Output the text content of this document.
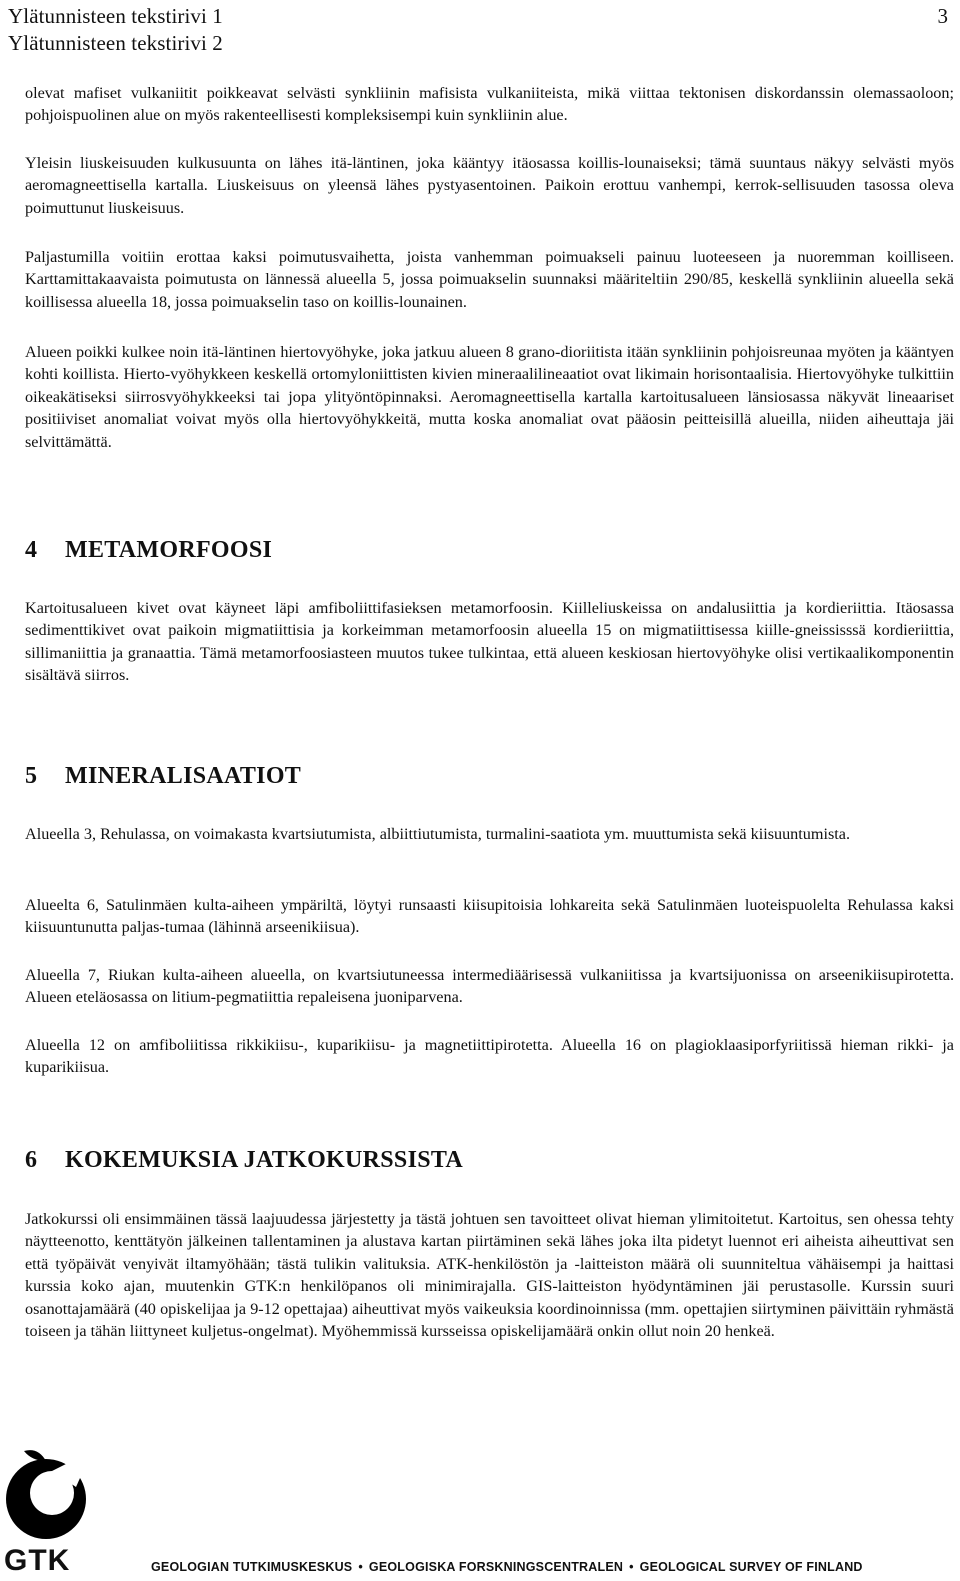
Ylätunnisteen tekstirivi 1
Ylätunnisteen tekstirivi 2
3

olevat mafiset vulkaniitit poikkeavat selvästi synkliinin mafisista vulkaniiteista, mikä viittaa tektonisen diskordanssin olemassaoloon; pohjoispuolinen alue on myös rakenteellisesti kompleksisempi kuin synkliinin alue.

Yleisin liuskeisuuden kulkusuunta on lähes itä-läntinen, joka kääntyy itäosassa koillis-lounaiseksi; tämä suuntaus näkyy selvästi myös aeromagneettisella kartalla. Liuskeisuus on yleensä lähes pystyasentoinen. Paikoin erottuu vanhempi, kerrok-sellisuuden tasossa oleva poimuttunut liuskeisuus.

Paljastumilla voitiin erottaa kaksi poimutusvaihetta, joista vanhemman poimuakseli painuu luoteeseen ja nuoremman koilliseen. Karttamittakaavaista poimutusta on lännessä alueella 5, jossa poimuakselin suunnaksi määriteltiin 290/85, keskellä synkliinin alueella sekä koillisessa alueella 18, jossa poimuakselin taso on koillis-lounainen.

Alueen poikki kulkee noin itä-läntinen hiertovyöhyke, joka jatkuu alueen 8 grano-dioriitista itään synkliinin pohjoisreunaa myöten ja kääntyen kohti koillista. Hierto-vyöhykkeen keskellä ortomyloniittisten kivien mineraalilineaatiot ovat likimain horisontaalisia. Hiertovyöhyke tulkittiin oikeakätiseksi siirrosvyöhykkeeksi tai jopa ylityöntöpinnaksi. Aeromagneettisella kartalla kartoitusalueen länsiosassa näkyvät lineaariset positiiviset anomaliat voivat myös olla hiertovyöhykkeitä, mutta koska anomaliat ovat pääosin peitteisillä alueilla, niiden aiheuttaja jäi selvittämättä.

4 METAMORFOOSI

Kartoitusalueen kivet ovat käyneet läpi amfiboliittifasieksen metamorfoosin. Kiilleliuskeissa on andalusiittia ja kordieriittia. Itäosassa sedimenttikivet ovat paikoin migmatiittisia ja korkeimman metamorfoosin alueella 15 on migmatiittisessa kiille-gneississsä kordieriittia, sillimaniittia ja granaattia. Tämä metamorfoosiasteen muutos tukee tulkintaa, että alueen keskiosan hiertovyöhyke olisi vertikaalikomponentin sisältävä siirros.

5 MINERALISAATIOT

Alueella 3, Rehulassa, on voimakasta kvartsiutumista, albiittiutumista, turmalini-saatiota ym. muuttumista sekä kiisuuntumista.

Alueelta 6, Satulinmäen kulta-aiheen ympäriltä, löytyi runsaasti kiisupitoisia lohkareita sekä Satulinmäen luoteispuolelta Rehulassa kaksi kiisuuntunutta paljas-tumaa (lähinnä arseenikiisua).

Alueella 7, Riukan kulta-aiheen alueella, on kvartsiutuneessa intermediäärisessä vulkaniitissa ja kvartsijuonissa on arseenikiisupirotetta. Alueen eteläosassa on litium-pegmatiittia repaleisena juoniparvena.

Alueella 12 on amfiboliitissa rikkikiisu-, kuparikiisu- ja magnetiittipirotetta. Alueella 16 on plagioklaasiporfyriitissä hieman rikki- ja kuparikiisua.

6 KOKEMUKSIA JATKOKURSSISTA

Jatkokurssi oli ensimmäinen tässä laajuudessa järjestetty ja tästä johtuen sen tavoitteet olivat hieman ylimitoitetut. Kartoitus, sen ohessa tehty näytteenotto, kenttätyön jälkeinen tallentaminen ja alustava kartan piirtäminen sekä lähes joka ilta pidetyt luennot eri aiheista aiheuttivat sen että työpäivät venyivät iltamyöhään; tästä tulikin valituksia. ATK-henkilöstön ja -laitteiston määrä oli suunniteltua vähäisempi ja haittasi kurssia koko ajan, muutenkin GTK:n henkilöpanos oli minimirajalla. GIS-laitteiston hyödyntäminen jäi perustasolle. Kurssin suuri osanottajamäärä (40 opiskelijaa ja 9-12 opettajaa) aiheuttivat myös vaikeuksia koordinoinnissa (mm. opettajien siirtyminen päivittäin ryhmästä toiseen ja tähän liittyneet kuljetus-ongelmat). Myöhemmissä kursseissa opiskelijamäärä onkin ollut noin 20 henkeä.

GTK	GEOLOGIAN TUTKIMUSKESKUS • GEOLOGISKA FORSKNINGSCENTRALEN • GEOLOGICAL SURVEY OF FINLAND
